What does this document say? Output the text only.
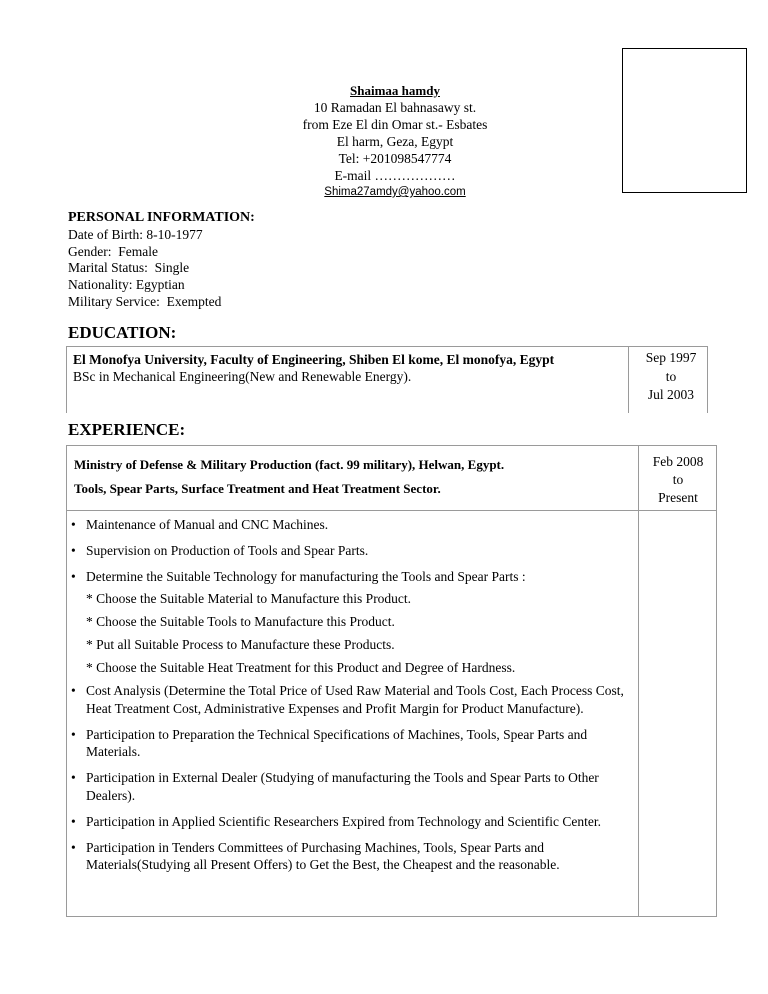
Shaimaa hamdy
10 Ramadan El bahnasawy st.
from Eze El din Omar st.- Esbates
El harm, Geza, Egypt
Tel: +201098547774
E-mail ………………
Shima27amdy@yahoo.com
PERSONAL INFORMATION:
Date of Birth: 8-10-1977
Gender:  Female
Marital Status:  Single
Nationality: Egyptian
Military Service:  Exempted
EDUCATION:
El Monofya University, Faculty of Engineering, Shiben El kome, El monofya, Egypt
BSc in Mechanical Engineering(New and Renewable Energy).
Sep 1997
to
Jul 2003
EXPERIENCE:
Ministry of Defense & Military Production (fact. 99 military), Helwan, Egypt.
Tools, Spear Parts, Surface Treatment and Heat Treatment Sector.
Feb 2008
to
Present
• Maintenance of Manual and CNC Machines.
• Supervision on Production of Tools and Spear Parts.
• Determine the Suitable Technology for manufacturing the Tools and Spear Parts :
* Choose the Suitable Material to Manufacture this Product.
* Choose the Suitable Tools to Manufacture this Product.
* Put all Suitable Process to Manufacture these Products.
* Choose the Suitable Heat Treatment for this Product and Degree of Hardness.
• Cost Analysis (Determine the Total Price of Used Raw Material and Tools Cost, Each Process Cost, Heat Treatment Cost, Administrative Expenses and Profit Margin for Product Manufacture).
• Participation to Preparation the Technical Specifications of Machines, Tools, Spear Parts and Materials.
• Participation in External Dealer (Studying of manufacturing the Tools and Spear Parts to Other Dealers).
• Participation in Applied Scientific Researchers Expired from Technology and Scientific Center.
• Participation in Tenders Committees of Purchasing Machines, Tools, Spear Parts and Materials(Studying all Present Offers) to Get the Best, the Cheapest and the reasonable.
